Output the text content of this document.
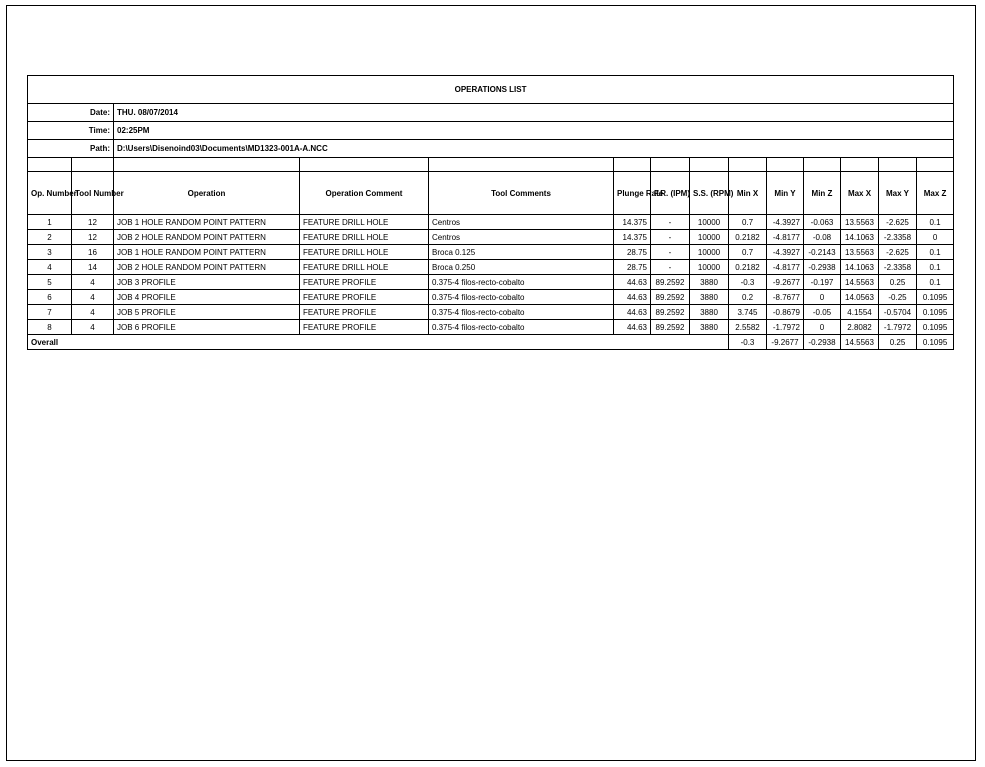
OPERATIONS LIST													
Date:		THU. 08/07/2014											
Time:		02:25PM											
Path:		D:\Users\Disenoind03\Documents\MD1323-001A-A.NCC											

Op. Number	Tool Number	Operation	Operation Comment	Tool Comments	Plunge Rate	F.R. (IPM)	S.S. (RPM)	Min X	Min Y	Min Z	Max X	Max Y	Max Z
1	12	JOB 1 HOLE RANDOM POINT PATTERN	FEATURE DRILL HOLE	Centros	14.375	-	10000	0.7	-4.3927	-0.063	13.5563	-2.625	0.1
2	12	JOB 2 HOLE RANDOM POINT PATTERN	FEATURE DRILL HOLE	Centros	14.375	-	10000	0.2182	-4.8177	-0.08	14.1063	-2.3358	0
3	16	JOB 1 HOLE RANDOM POINT PATTERN	FEATURE DRILL HOLE	Broca 0.125	28.75	-	10000	0.7	-4.3927	-0.2143	13.5563	-2.625	0.1
4	14	JOB 2 HOLE RANDOM POINT PATTERN	FEATURE DRILL HOLE	Broca 0.250	28.75	-	10000	0.2182	-4.8177	-0.2938	14.1063	-2.3358	0.1
5	4	JOB 3 PROFILE	FEATURE PROFILE	0.375-4 filos-recto-cobalto	44.63	89.2592	3880	-0.3	-9.2677	-0.197	14.5563	0.25	0.1
6	4	JOB 4 PROFILE	FEATURE PROFILE	0.375-4 filos-recto-cobalto	44.63	89.2592	3880	0.2	-8.7677	0	14.0563	-0.25	0.1095
7	4	JOB 5 PROFILE	FEATURE PROFILE	0.375-4 filos-recto-cobalto	44.63	89.2592	3880	3.745	-0.8679	-0.05	4.1554	-0.5704	0.1095
8	4	JOB 6 PROFILE	FEATURE PROFILE	0.375-4 filos-recto-cobalto	44.63	89.2592	3880	2.5582	-1.7972	0	2.8082	-1.7972	0.1095
Overall								-0.3	-9.2677	-0.2938	14.5563	0.25	0.1095
